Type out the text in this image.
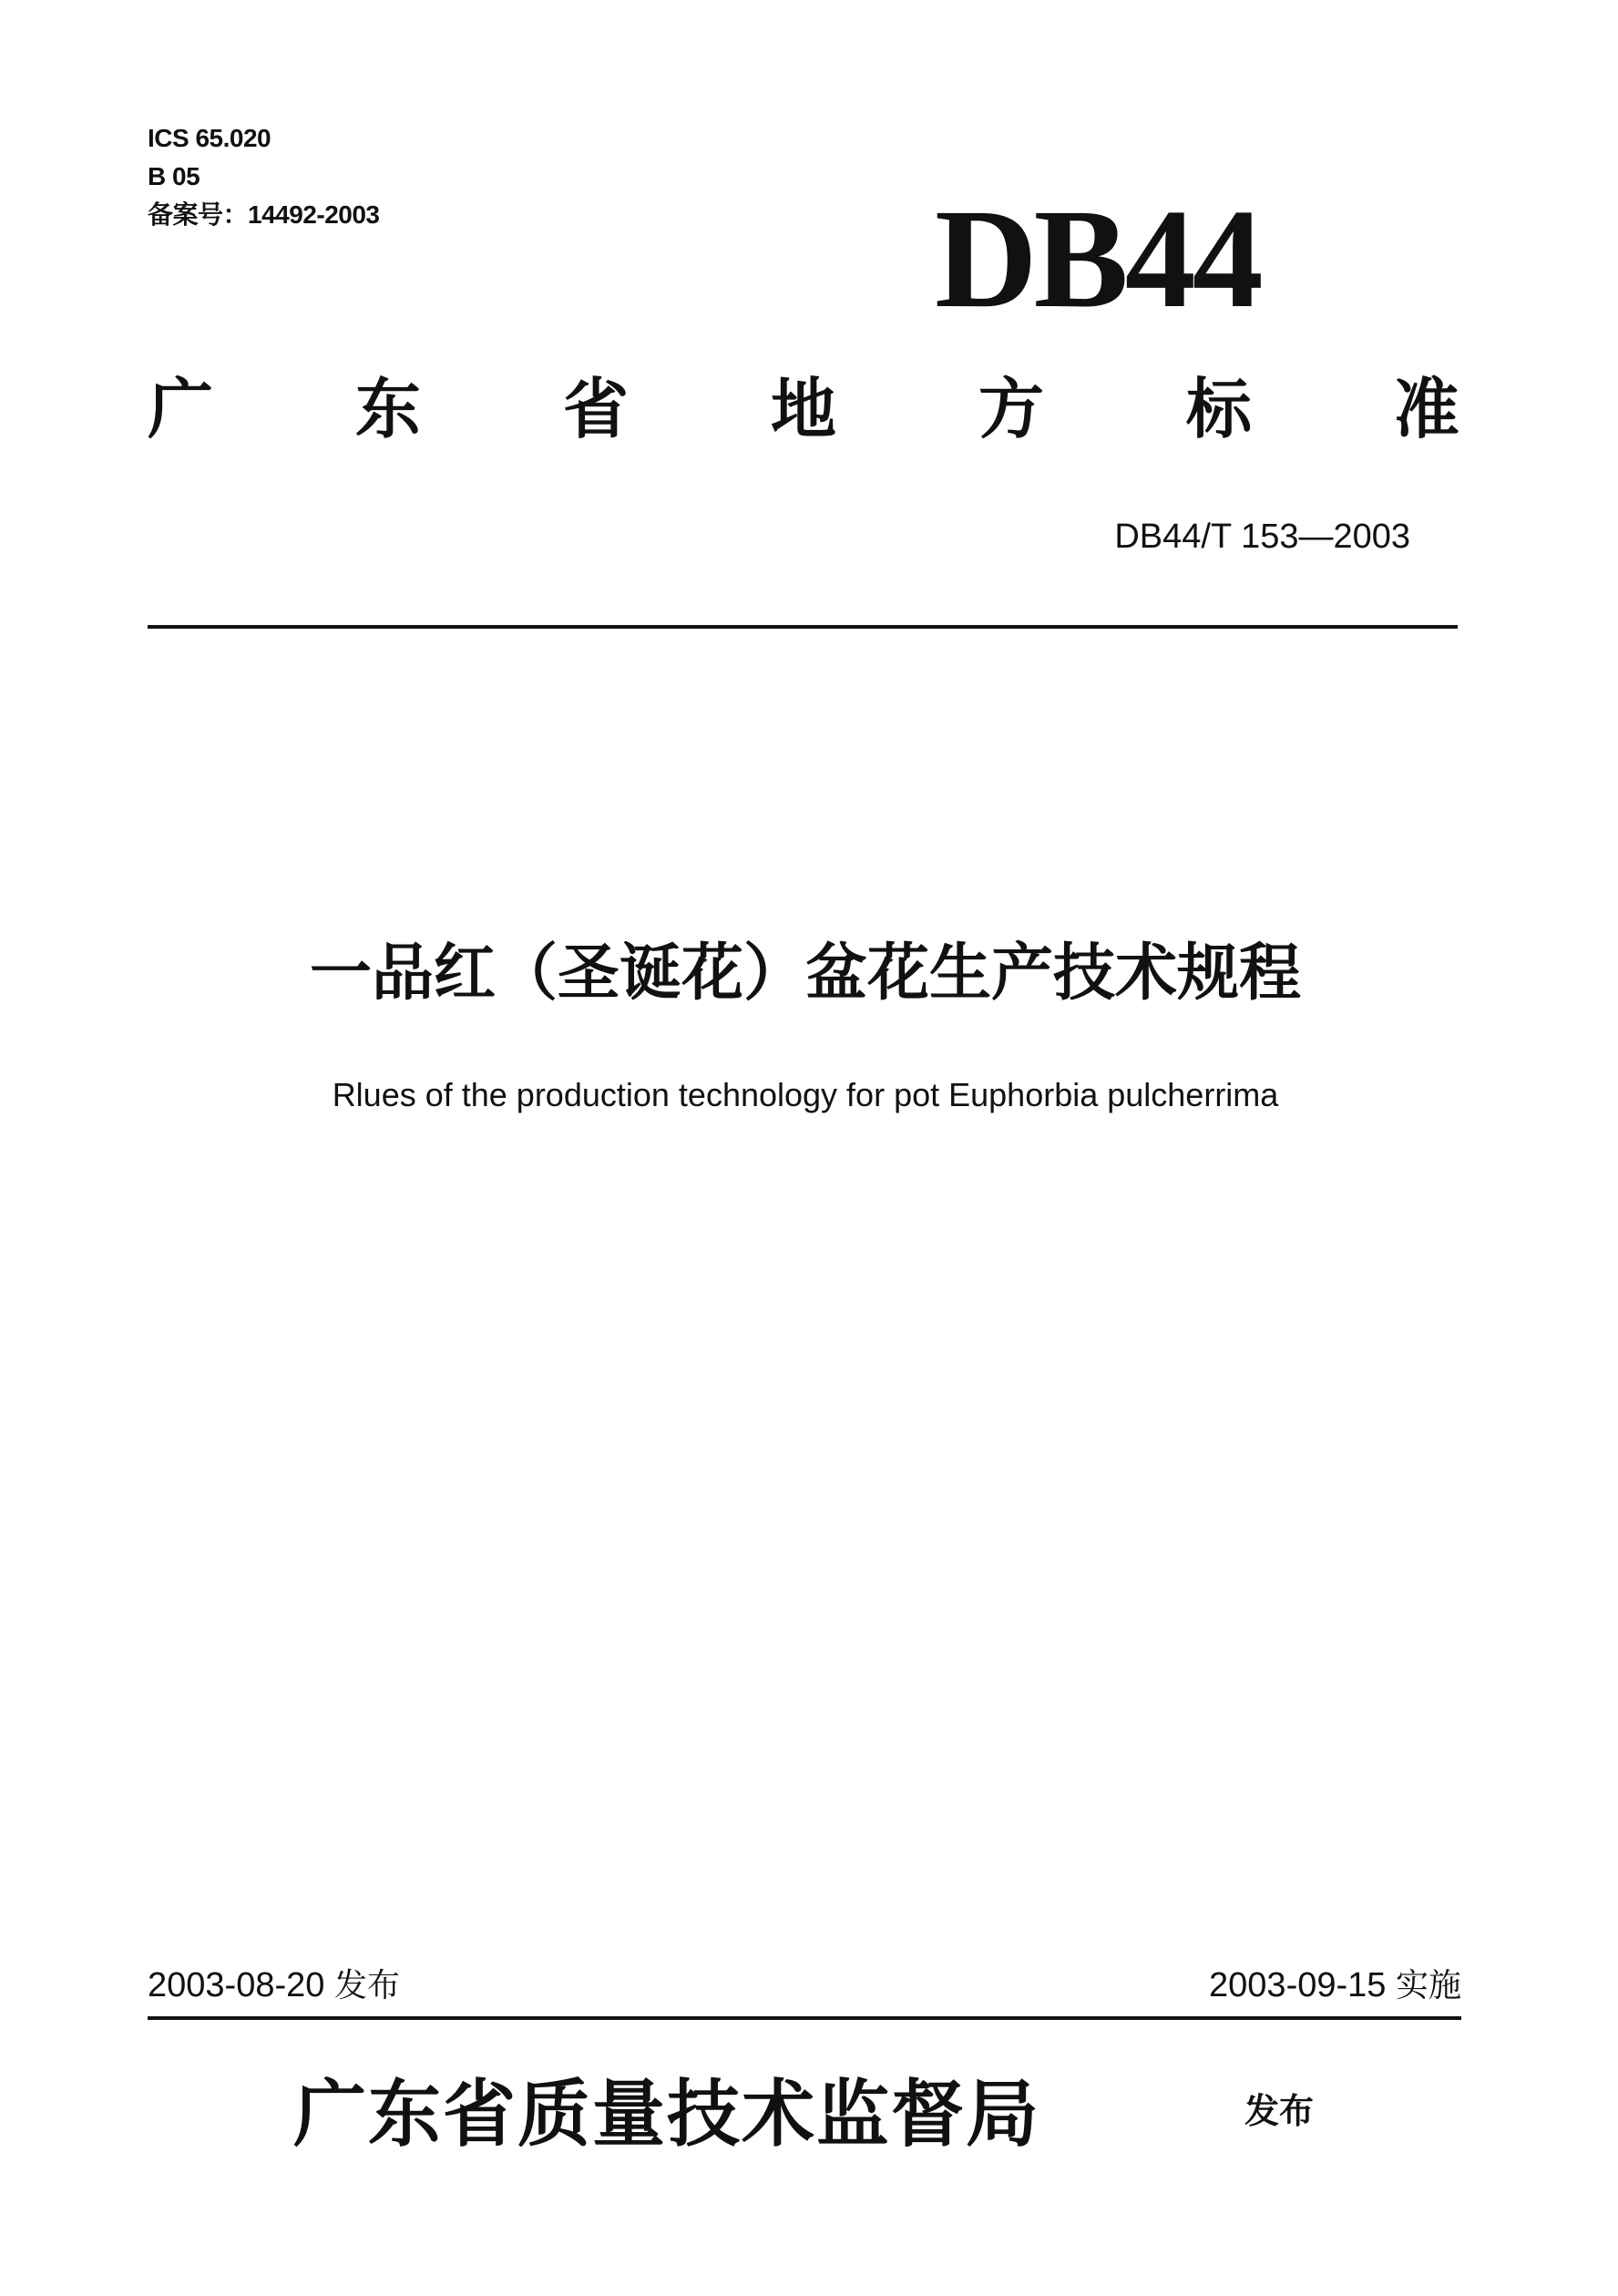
ICS 65.020
B 05
备案号：14492-2003	DB44
广 东 省 地 方 标 准
DB44/T 153—2003
一品红（圣诞花）盆花生产技术规程
Rlues of the production technology for pot Euphorbia pulcherrima
2003-08-20 发布	2003-09-15 实施
广东省质量技术监督局	发布
